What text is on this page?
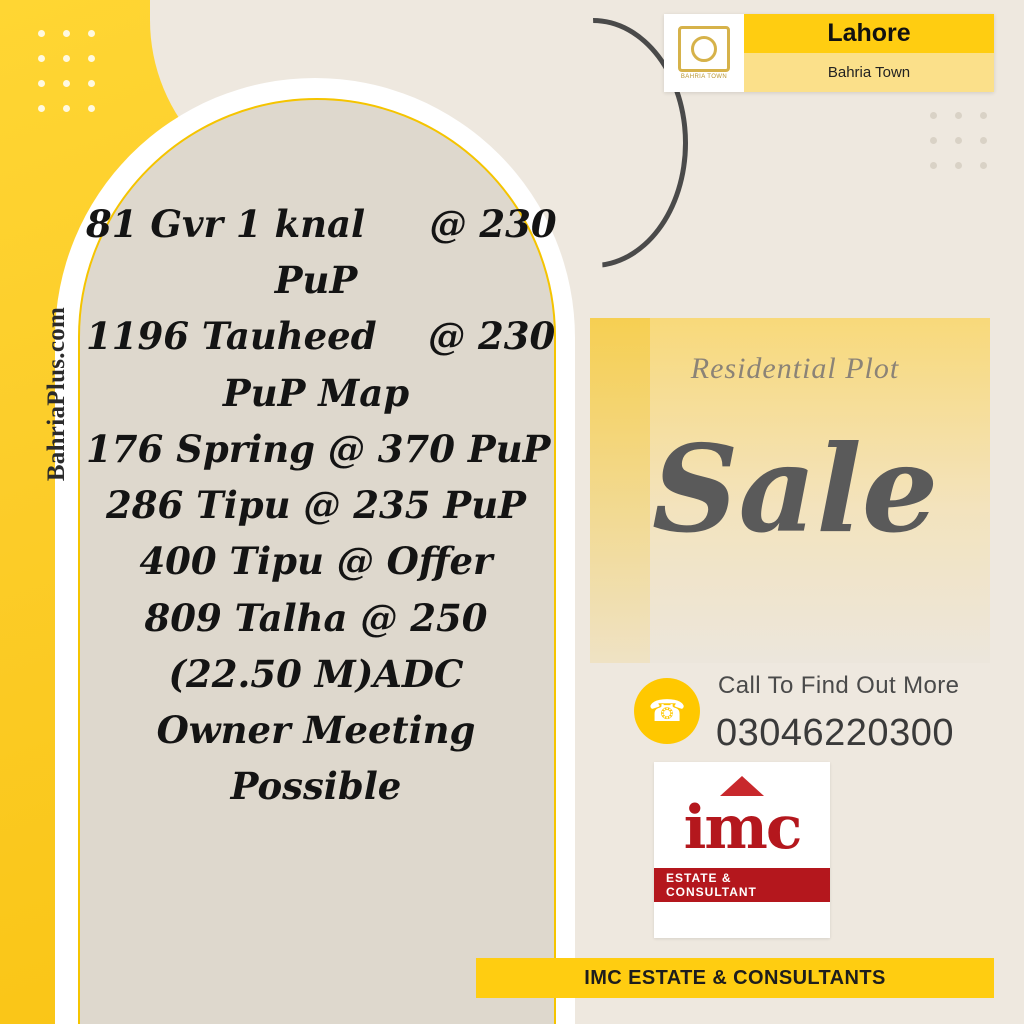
BahriaPlus.com
81 Gvr 1 knal     @ 230
PuP
1196 Tauheed    @ 230
PuP Map
176 Spring @ 370 PuP
286 Tipu @ 235 PuP
400 Tipu @ Offer
809 Talha @ 250
(22.50 M)ADC
Owner Meeting
Possible
BAHRIA TOWN
Lahore
Bahria Town
Residential Plot
Sale
☎
Call To Find Out More
03046220300
imc
ESTATE & CONSULTANT
IMC ESTATE & CONSULTANTS
